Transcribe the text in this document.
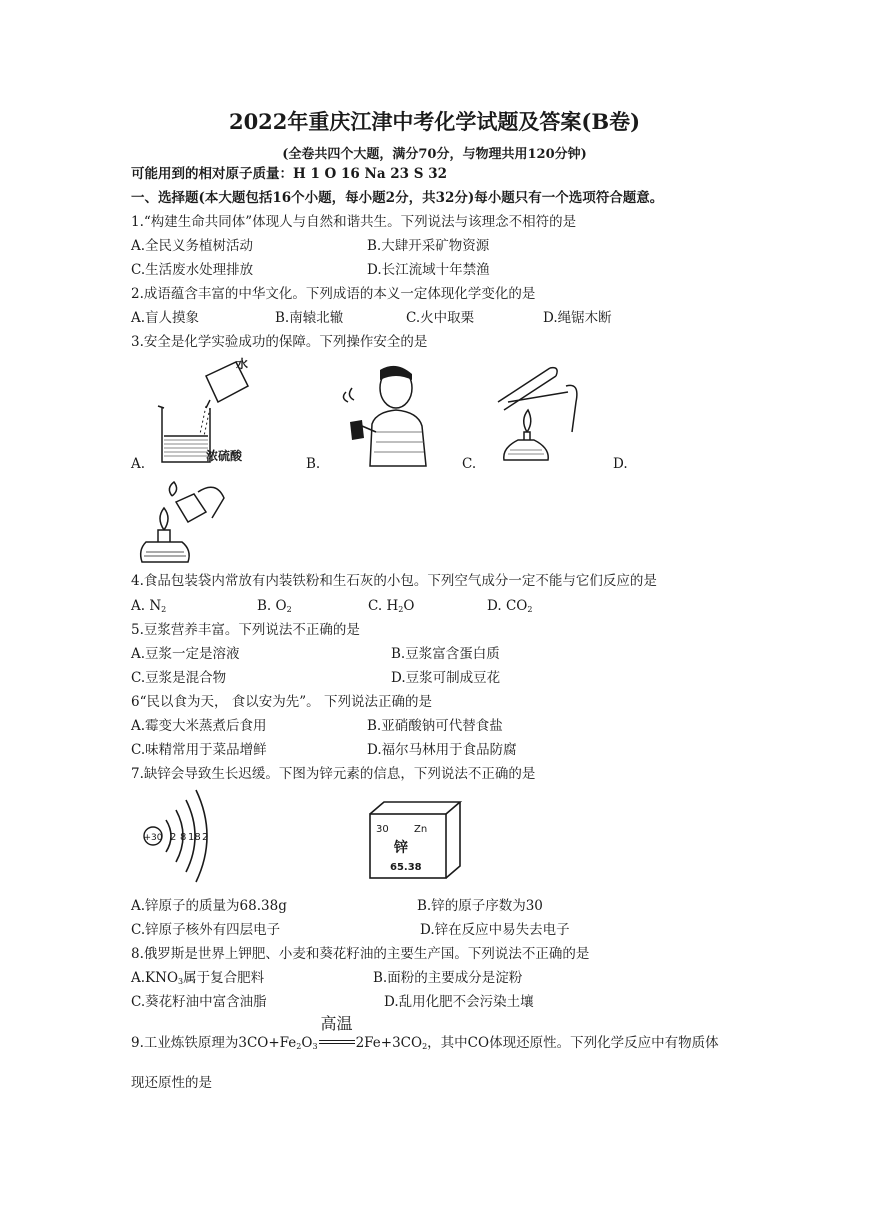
2022年重庆江津中考化学试题及答案(B卷)
(全卷共四个大题，满分70分，与物理共用120分钟)
可能用到的相对原子质量：H 1 O 16 Na 23 S 32
一、选择题(本大题包括16个小题，每小题2分，共32分)每小题只有一个选项符合题意。
1.“构建生命共同体”体现人与自然和谐共生。下列说法与该理念不相符的是
A.全民义务植树活动	B.大肆开采矿物资源
C.生活废水处理排放	D.长江流域十年禁渔
2.成语蕴含丰富的中华文化。下列成语的本义一定体现化学变化的是
A.盲人摸象	B.南辕北辙	C.火中取栗	D.绳锯木断
3.安全是化学实验成功的保障。下列操作安全的是
水
浓硫酸
A.	B.	C.	D.
4.食品包装袋内常放有内装铁粉和生石灰的小包。下列空气成分一定不能与它们反应的是
A. $N_2$	B. $O_2$	C. $H_2O$	D. $CO_2$
5.豆浆营养丰富。下列说法不正确的是
A.豆浆一定是溶液	B.豆浆富含蛋白质
C.豆浆是混合物	D.豆浆可制成豆花
6“民以食为天， 食以安为先”。 下列说法正确的是
A.霉变大米蒸煮后食用	B.亚硝酸钠可代替食盐
C.味精常用于菜品增鲜	D.福尔马林用于食品防腐
7.缺锌会导致生长迟缓。下图为锌元素的信息，下列说法不正确的是
+30 2 8 18 2
30	Zn
锌
65.38
A.锌原子的质量为68.38g	B.锌的原子序数为30
C.锌原子核外有四层电子	D.锌在反应中易失去电子
8.俄罗斯是世界上钾肥、小麦和葵花籽油的主要生产国。下列说法不正确的是
$A.KNO_3$属于复合肥料	B.面粉的主要成分是淀粉
C.葵花籽油中富含油脂	D.乱用化肥不会污染土壤
9.工业炼铁原理为$3CO+Fe_2O_3$
高温
$2Fe+3CO_2$，其中CO体现还原性。下列化学反应中有物质体
现还原性的是
